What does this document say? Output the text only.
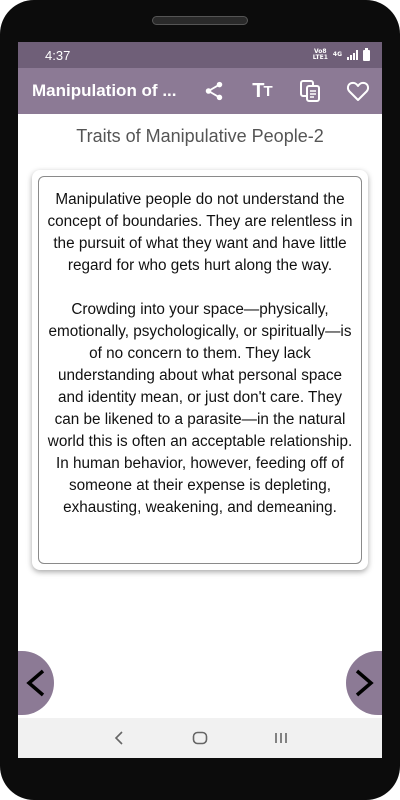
4:37	Vo8
LTE1 4G
Manipulation of ...	T T
Traits of Manipulative People-2

Manipulative people do not understand the concept of boundaries. They are relentless in the pursuit of what they want and have little regard for who gets hurt along the way.

Crowding into your space—physically, emotionally, psychologically, or spiritually—is of no concern to them. They lack understanding about what personal space and identity mean, or just don't care. They can be likened to a parasite—in the natural world this is often an acceptable relationship. In human behavior, however, feeding off of someone at their expense is depleting, exhausting, weakening, and demeaning.
